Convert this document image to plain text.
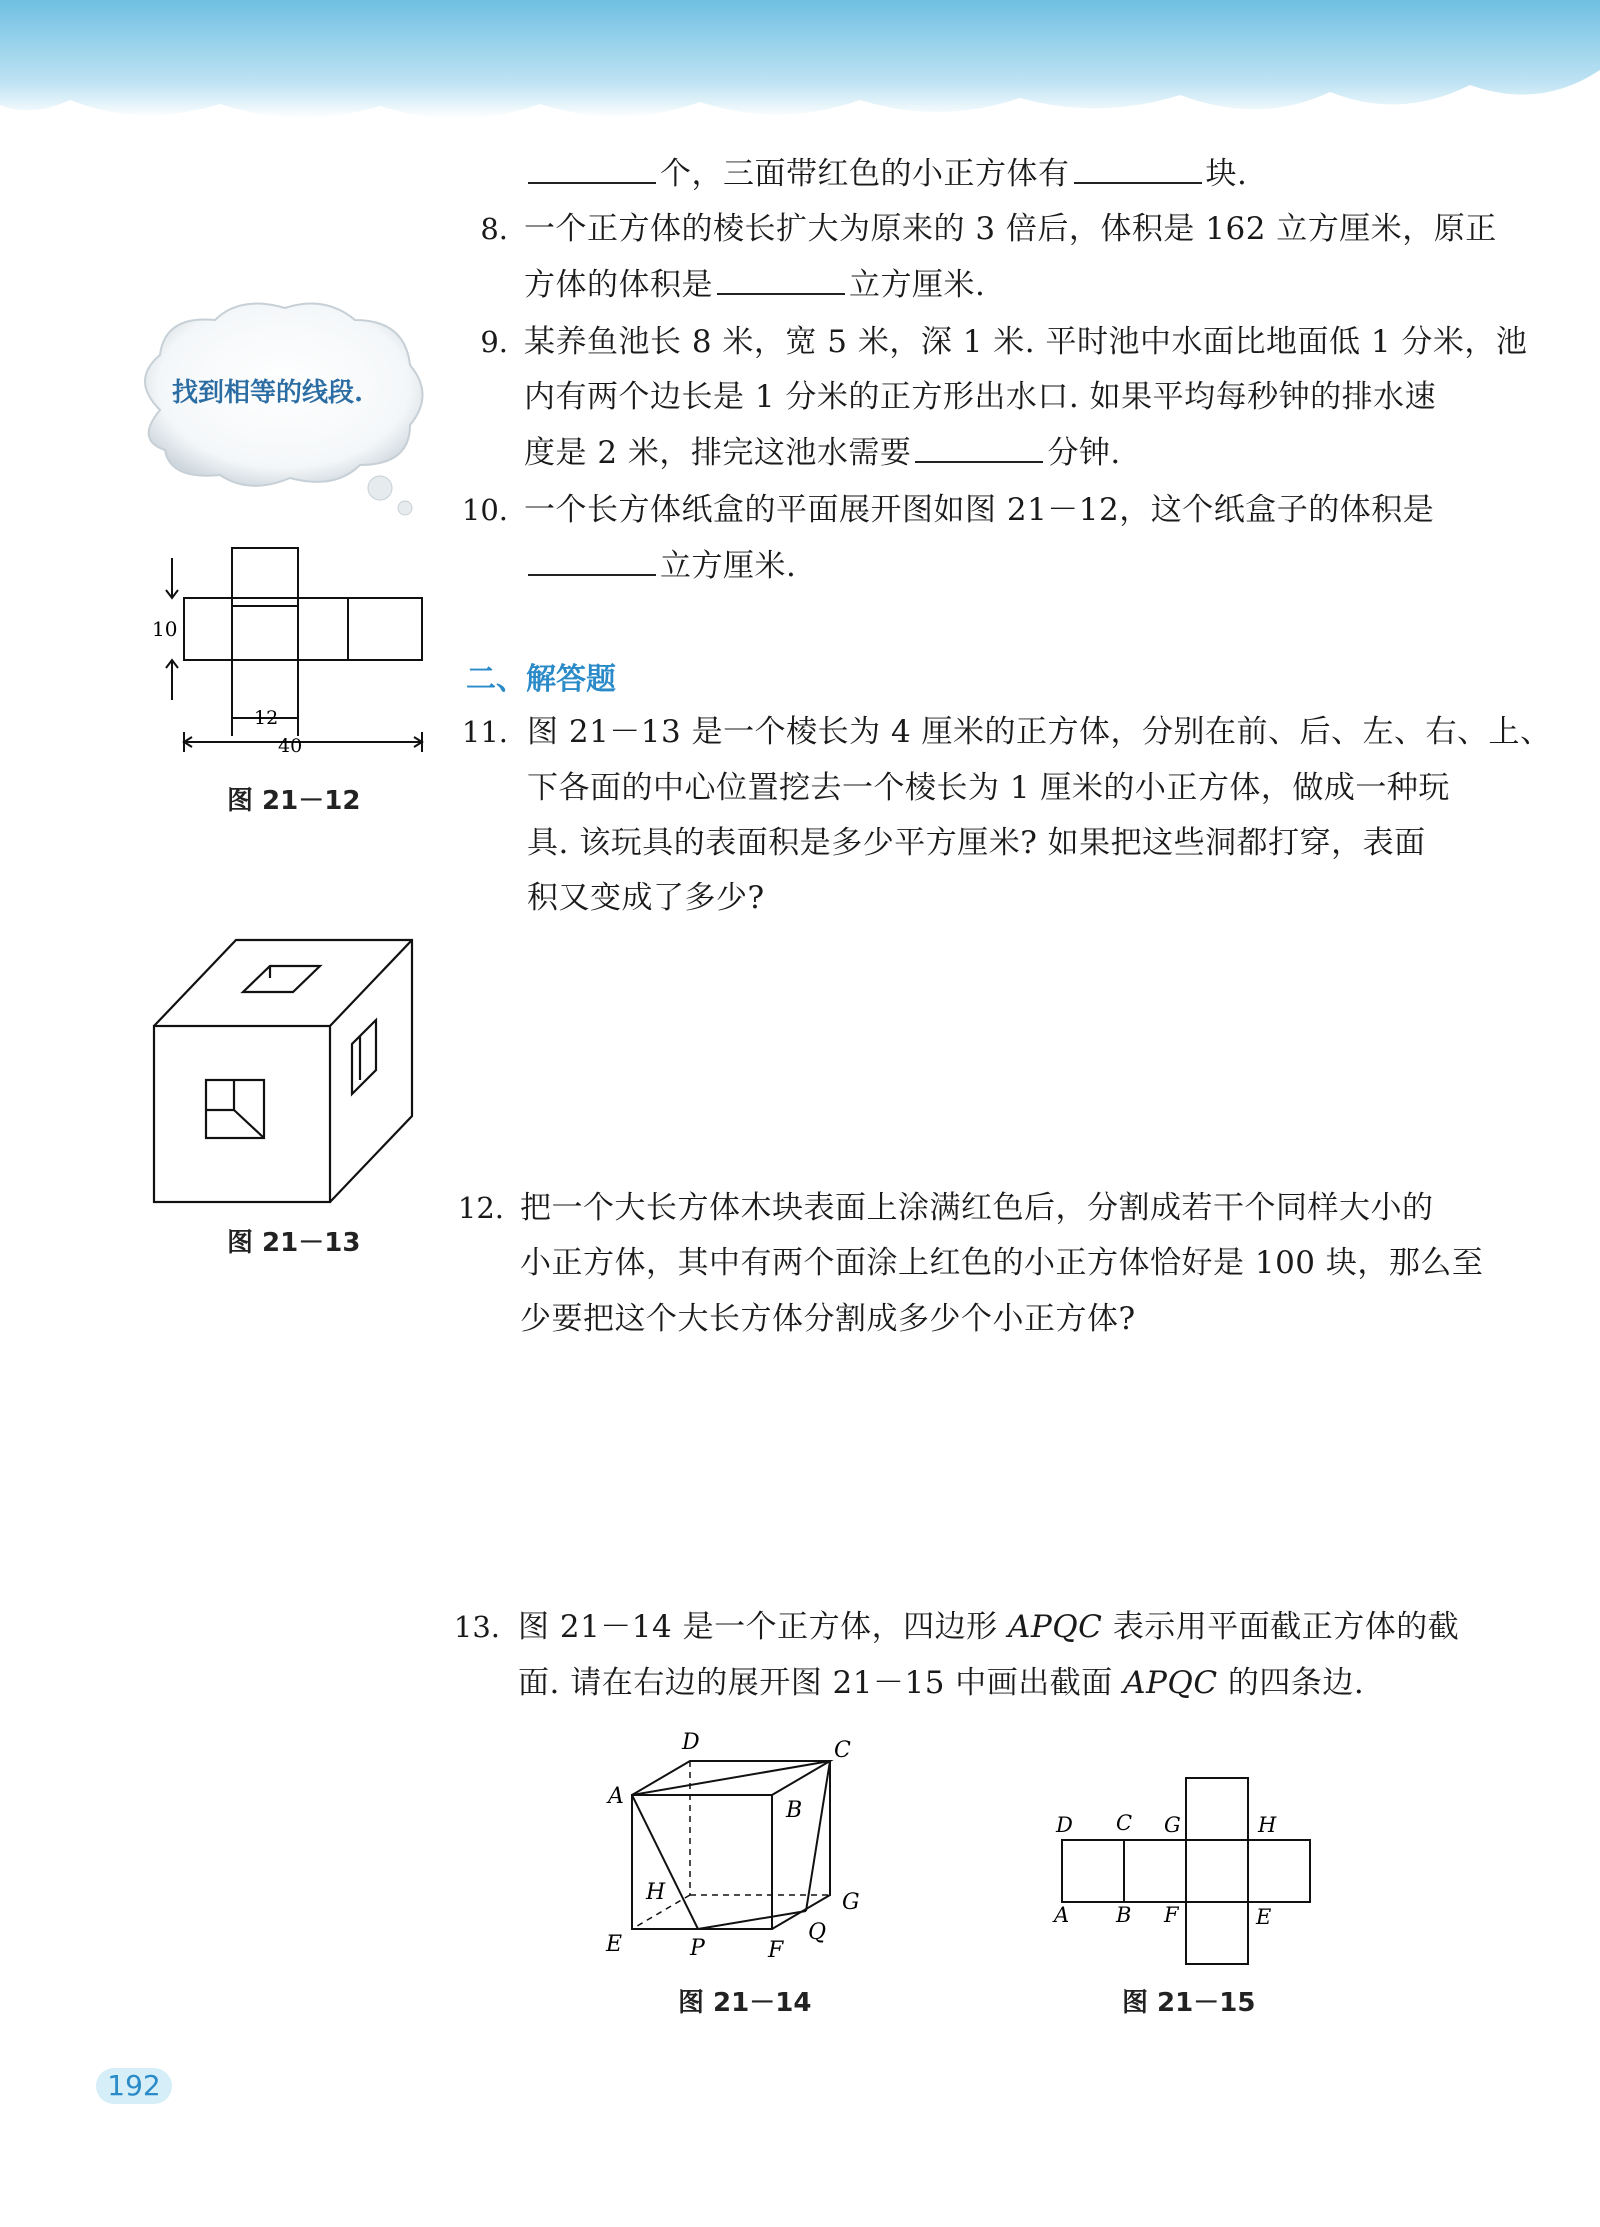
个，三面带红色的小正方体有	块.
8. 一个正方体的棱长扩大为原来的 3 倍后，体积是 162 立方厘米，原正
方体的体积是	立方厘米.
9. 某养鱼池长 8 米，宽 5 米，深 1 米. 平时池中水面比地面低 1 分米，池
内有两个边长是 1 分米的正方形出水口. 如果平均每秒钟的排水速
度是 2 米，排完这池水需要	分钟.
10. 一个长方体纸盒的平面展开图如图 21－12，这个纸盒子的体积是
立方厘米.
二、解答题
11. 图 21－13 是一个棱长为 4 厘米的正方体，分别在前、后、左、右、上、
下各面的中心位置挖去一个棱长为 1 厘米的小正方体，做成一种玩
具. 该玩具的表面积是多少平方厘米? 如果把这些洞都打穿，表面
积又变成了多少?
12. 把一个大长方体木块表面上涂满红色后，分割成若干个同样大小的
小正方体，其中有两个面涂上红色的小正方体恰好是 100 块，那么至
少要把这个大长方体分割成多少个小正方体?
13. 图 21－14 是一个正方体，四边形 APQC 表示用平面截正方体的截
面. 请在右边的展开图 21－15 中画出截面 APQC 的四条边.
找到相等的线段.
10
12
40
图 21－12
图 21－13
D	C
A
B
H	G
E	P	F
Q
图 21－14
D C G	H
A B F	E
图 21－15
192
